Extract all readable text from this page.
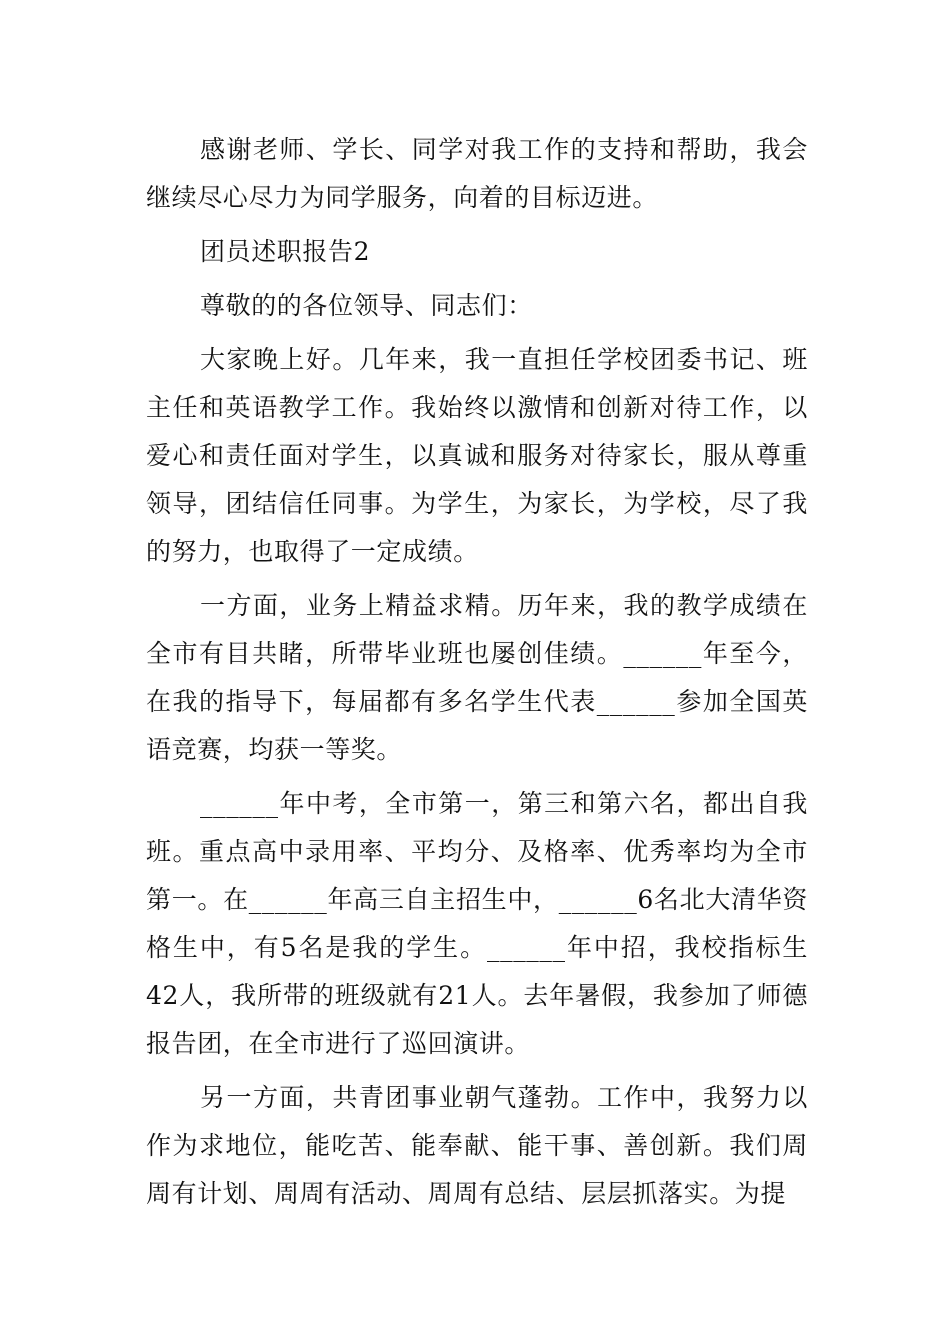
感谢老师、学长、同学对我工作的支持和帮助，我会继续尽心尽力为同学服务，向着的目标迈进。

团员述职报告2

尊敬的的各位领导、同志们：

大家晚上好。几年来，我一直担任学校团委书记、班主任和英语教学工作。我始终以激情和创新对待工作，以爱心和责任面对学生，以真诚和服务对待家长，服从尊重领导，团结信任同事。为学生，为家长，为学校，尽了我的努力，也取得了一定成绩。

一方面，业务上精益求精。历年来，我的教学成绩在全市有目共睹，所带毕业班也屡创佳绩。______年至今，在我的指导下，每届都有多名学生代表______参加全国英语竞赛，均获一等奖。

______年中考，全市第一，第三和第六名，都出自我班。重点高中录用率、平均分、及格率、优秀率均为全市第一。在______年高三自主招生中，______6名北大清华资格生中，有5名是我的学生。______年中招，我校指标生42人，我所带的班级就有21人。去年暑假，我参加了师德报告团，在全市进行了巡回演讲。

另一方面，共青团事业朝气蓬勃。工作中，我努力以作为求地位，能吃苦、能奉献、能干事、善创新。我们周周有计划、周周有活动、周周有总结、层层抓落实。为提
